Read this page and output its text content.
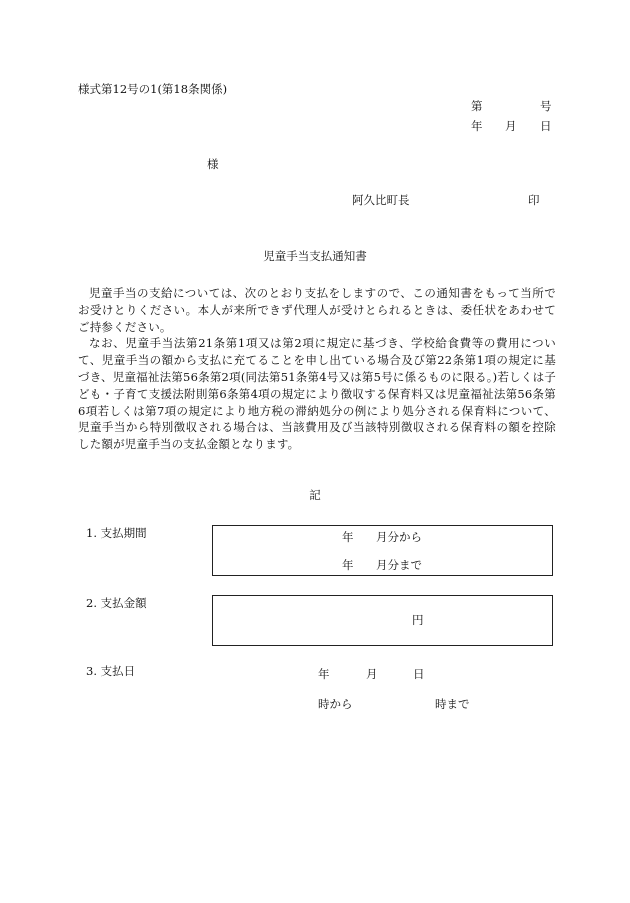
様式第12号の1(第18条関係)
第	号
年 月 日
様
阿久比町長	印
児童手当支払通知書

児童手当の支給については、次のとおり支払をしますので、この通知書をもって当所でお受けとりください。本人が来所できず代理人が受けとられるときは、委任状をあわせてご持参ください。

なお、児童手当法第21条第1項又は第2項に規定に基づき、学校給食費等の費用について、児童手当の額から支払に充てることを申し出ている場合及び第22条第1項の規定に基づき、児童福祉法第56条第2項(同法第51条第4号又は第5号に係るものに限る。)若しくは子ども・子育て支援法附則第6条第4項の規定により徴収する保育料又は児童福祉法第56条第6項若しくは第7項の規定により地方税の滞納処分の例により処分される保育料について、児童手当から特別徴収される場合は、当該費用及び当該特別徴収される保育料の額を控除した額が児童手当の支払金額となります。

記
1. 支払期間	年 月分から
年 月分まで
2. 支払金額
円
3. 支払日	年	月	日
時から	時まで
